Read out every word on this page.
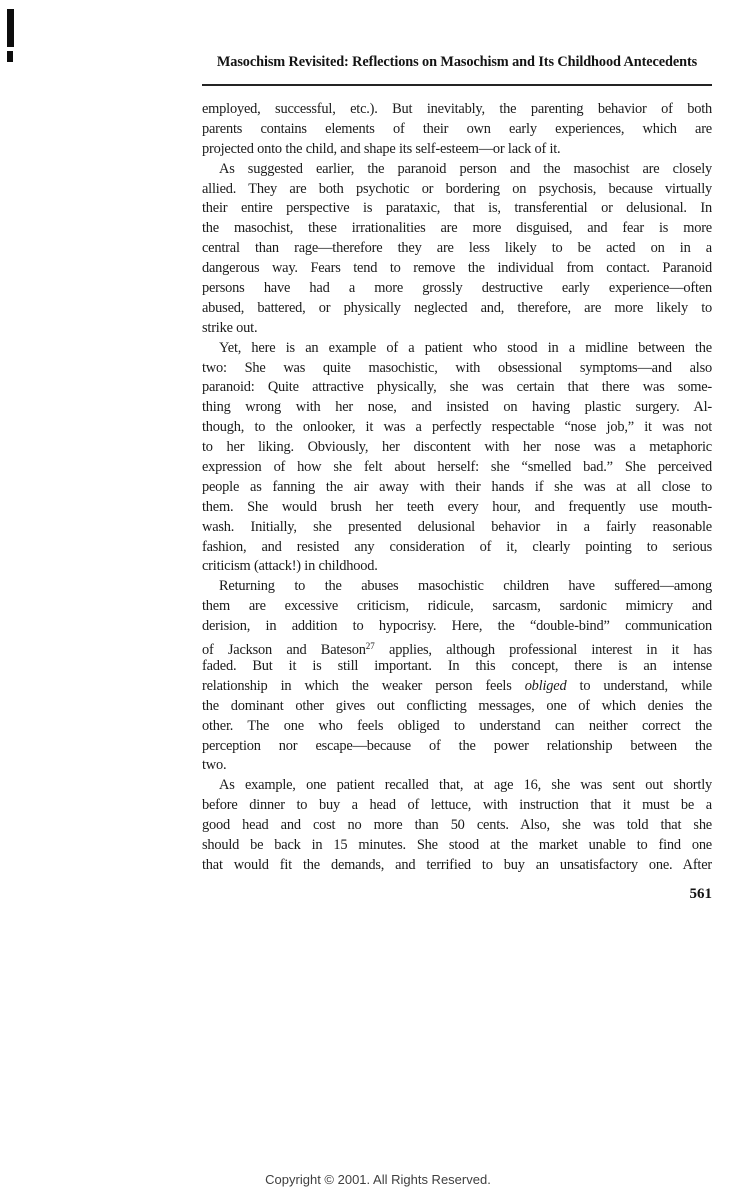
Masochism Revisited: Reflections on Masochism and Its Childhood Antecedents
employed, successful, etc.). But inevitably, the parenting behavior of both
parents contains elements of their own early experiences, which are
projected onto the child, and shape its self-esteem—or lack of it.
As suggested earlier, the paranoid person and the masochist are closely
allied. They are both psychotic or bordering on psychosis, because virtually
their entire perspective is parataxic, that is, transferential or delusional. In
the masochist, these irrationalities are more disguised, and fear is more
central than rage—therefore they are less likely to be acted on in a
dangerous way. Fears tend to remove the individual from contact. Paranoid
persons have had a more grossly destructive early experience—often
abused, battered, or physically neglected and, therefore, are more likely to
strike out.
Yet, here is an example of a patient who stood in a midline between the
two: She was quite masochistic, with obsessional symptoms—and also
paranoid: Quite attractive physically, she was certain that there was some-
thing wrong with her nose, and insisted on having plastic surgery. Al-
though, to the onlooker, it was a perfectly respectable “nose job,” it was not
to her liking. Obviously, her discontent with her nose was a metaphoric
expression of how she felt about herself: she “smelled bad.” She perceived
people as fanning the air away with their hands if she was at all close to
them. She would brush her teeth every hour, and frequently use mouth-
wash. Initially, she presented delusional behavior in a fairly reasonable
fashion, and resisted any consideration of it, clearly pointing to serious
criticism (attack!) in childhood.
Returning to the abuses masochistic children have suffered—among
them are excessive criticism, ridicule, sarcasm, sardonic mimicry and
derision, in addition to hypocrisy. Here, the “double-bind” communication
of Jackson and Bateson$^{27}$ applies, although professional interest in it has
faded. But it is still important. In this concept, there is an intense
relationship in which the weaker person feels obliged to understand, while
the dominant other gives out conflicting messages, one of which denies the
other. The one who feels obliged to understand can neither correct the
perception nor escape—because of the power relationship between the
two.
As example, one patient recalled that, at age 16, she was sent out shortly
before dinner to buy a head of lettuce, with instruction that it must be a
good head and cost no more than 50 cents. Also, she was told that she
should be back in 15 minutes. She stood at the market unable to find one
that would fit the demands, and terrified to buy an unsatisfactory one. After
561
Copyright © 2001. All Rights Reserved.
